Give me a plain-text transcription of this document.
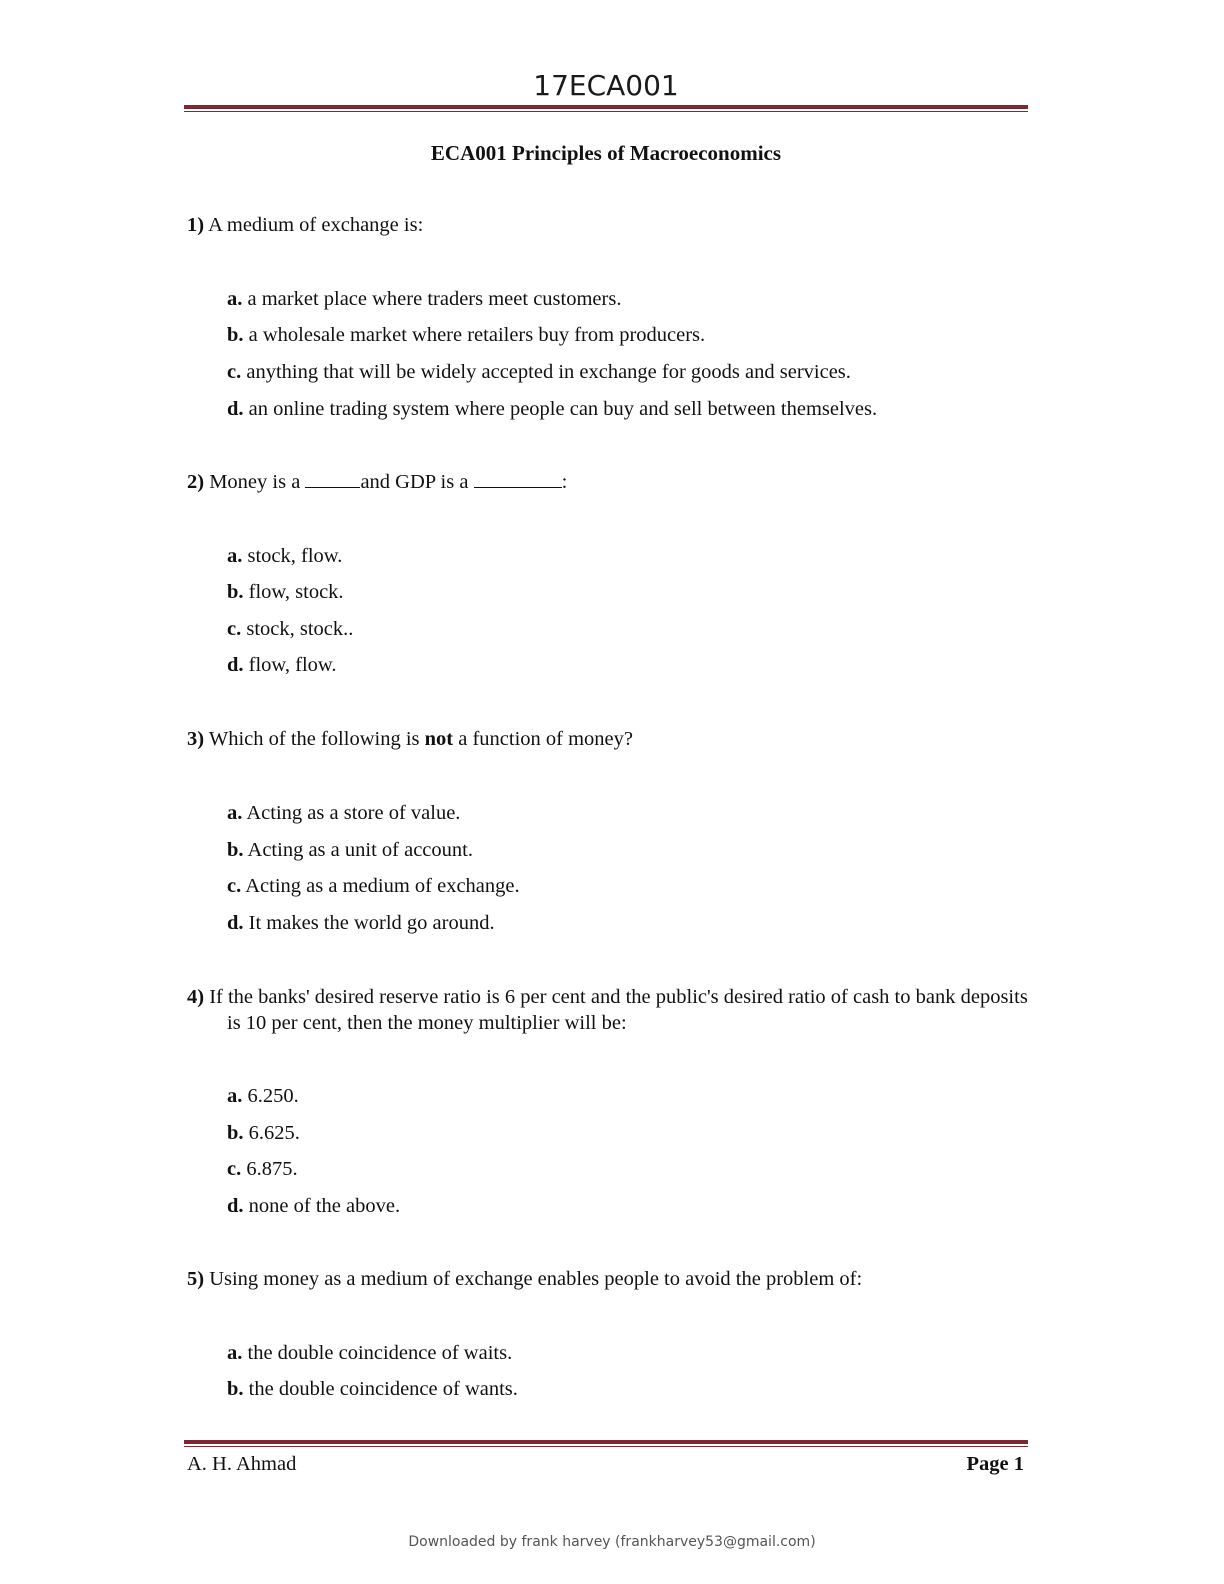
17ECA001
ECA001 Principles of Macroeconomics
1) A medium of exchange is:
a. a market place where traders meet customers.
b. a wholesale market where retailers buy from producers.
c. anything that will be widely accepted in exchange for goods and services.
d. an online trading system where people can buy and sell between themselves.
2) Money is a	and GDP is a	:
a. stock, flow.
b. flow, stock.
c. stock, stock..
d. flow, flow.
3) Which of the following is not a function of money?
a. Acting as a store of value.
b. Acting as a unit of account.
c. Acting as a medium of exchange.
d. It makes the world go around.
4) If the banks' desired reserve ratio is 6 per cent and the public's desired ratio of cash to bank deposits is 10 per cent, then the money multiplier will be:
a. 6.250.
b. 6.625.
c. 6.875.
d. none of the above.
5) Using money as a medium of exchange enables people to avoid the problem of:
a. the double coincidence of waits.
b. the double coincidence of wants.
A. H. Ahmad	Page 1
Downloaded by frank harvey (frankharvey53@gmail.com)
